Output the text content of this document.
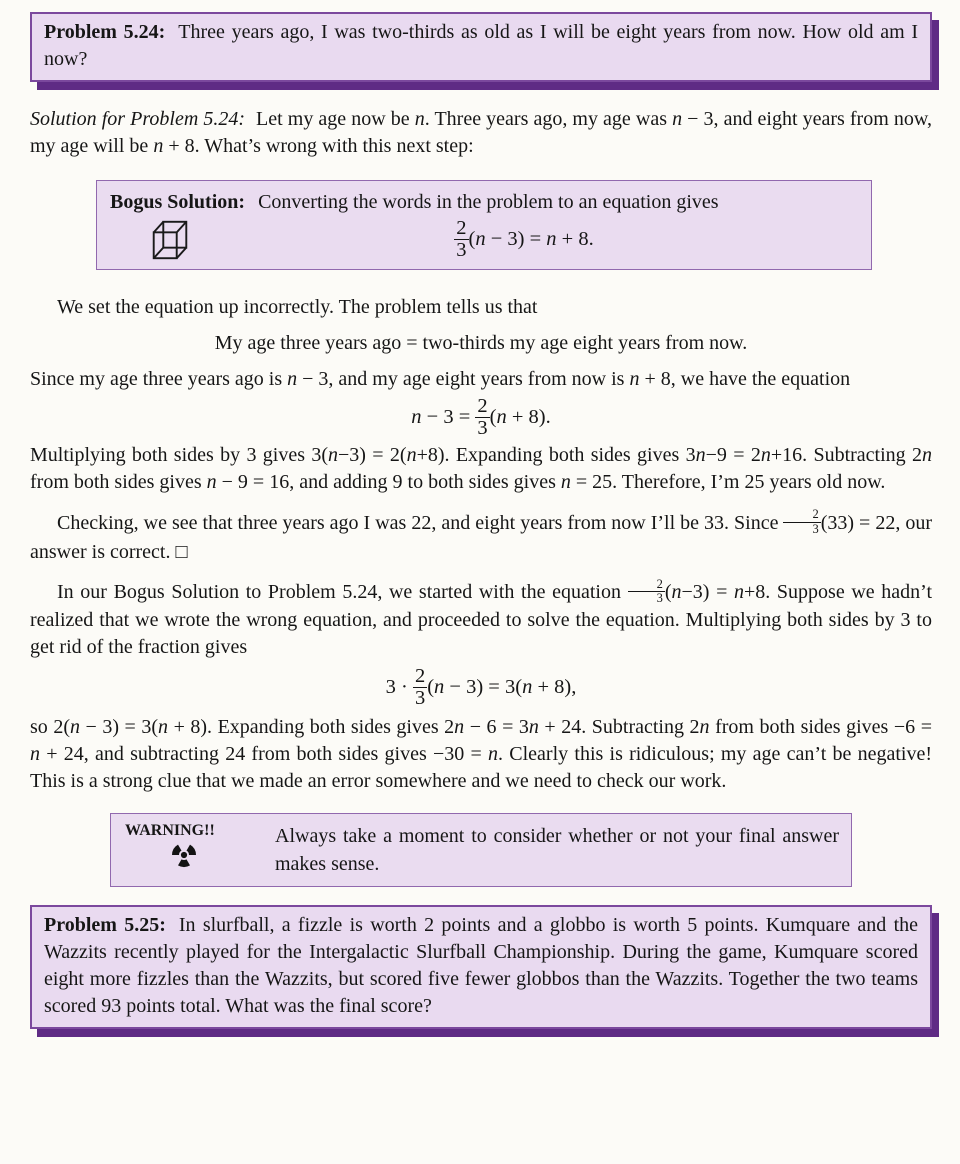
Problem 5.24: Three years ago, I was two-thirds as old as I will be eight years from now. How old am I now?

Solution for Problem 5.24: Let my age now be n. Three years ago, my age was n − 3, and eight years from now, my age will be n + 8. What’s wrong with this next step:

Bogus Solution: Converting the words in the problem to an equation gives
$\frac{2}{3} (n - 3) = n + 8$.

We set the equation up incorrectly. The problem tells us that

My age three years ago = two-thirds my age eight years from now.

Since my age three years ago is n − 3, and my age eight years from now is n + 8, we have the equation

$n - 3 = \frac{2}{3} (n + 8)$.

Multiplying both sides by 3 gives 3(n−3) = 2(n+8). Expanding both sides gives 3n−9 = 2n+16. Subtracting 2n from both sides gives n − 9 = 16, and adding 9 to both sides gives n = 25. Therefore, I’m 25 years old now.

Checking, we see that three years ago I was 22, and eight years from now I’ll be 33. Since $\frac{2}{3} (33) = 22$, our answer is correct. □

In our Bogus Solution to Problem 5.24, we started with the equation $\frac{2}{3} (n-3) = n+8$. Suppose we hadn’t realized that we wrote the wrong equation, and proceeded to solve the equation. Multiplying both sides by 3 to get rid of the fraction gives

$3 \cdot \frac{2}{3} (n - 3) = 3(n + 8)$,

so 2(n − 3) = 3(n + 8). Expanding both sides gives 2n − 6 = 3n + 24. Subtracting 2n from both sides gives −6 = n + 24, and subtracting 24 from both sides gives −30 = n. Clearly this is ridiculous; my age can’t be negative! This is a strong clue that we made an error somewhere and we need to check our work.

WARNING!!	Always take a moment to consider whether or not your final answer makes sense.

Problem 5.25: In slurfball, a fizzle is worth 2 points and a globbo is worth 5 points. Kumquare and the Wazzits recently played for the Intergalactic Slurfball Championship. During the game, Kumquare scored eight more fizzles than the Wazzits, but scored five fewer globbos than the Wazzits. Together the two teams scored 93 points total. What was the final score?
